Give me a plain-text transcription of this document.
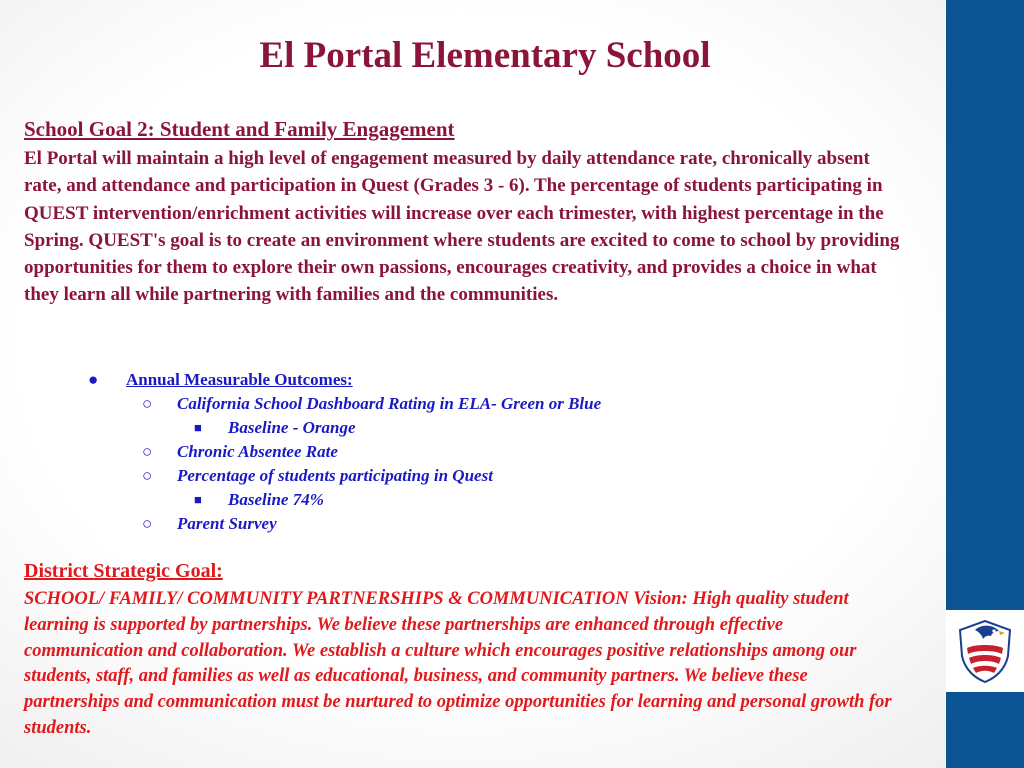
El Portal Elementary School
School Goal 2: Student and Family Engagement

El Portal will maintain a high level of engagement measured by daily attendance rate, chronically absent rate, and attendance and participation in Quest (Grades 3 - 6). The percentage of students participating in QUEST intervention/enrichment activities will increase over each trimester, with highest percentage in the Spring. QUEST's goal is to create an environment where students are excited to come to school by providing opportunities for them to explore their own passions, encourages creativity, and provides a choice in what they learn all while partnering with families and the communities.

● Annual Measurable Outcomes:
○ California School Dashboard Rating in ELA- Green or Blue
■ Baseline - Orange
○ Chronic Absentee Rate
○ Percentage of students participating in Quest
■ Baseline 74%
○ Parent Survey
District Strategic Goal:

SCHOOL/ FAMILY/ COMMUNITY PARTNERSHIPS & COMMUNICATION Vision: High quality student learning is supported by partnerships. We believe these partnerships are enhanced through effective communication and collaboration. We establish a culture which encourages positive relationships among our students, staff, and families as well as educational, business, and community partners. We believe these partnerships and communication must be nurtured to optimize opportunities for learning and personal growth for students.
